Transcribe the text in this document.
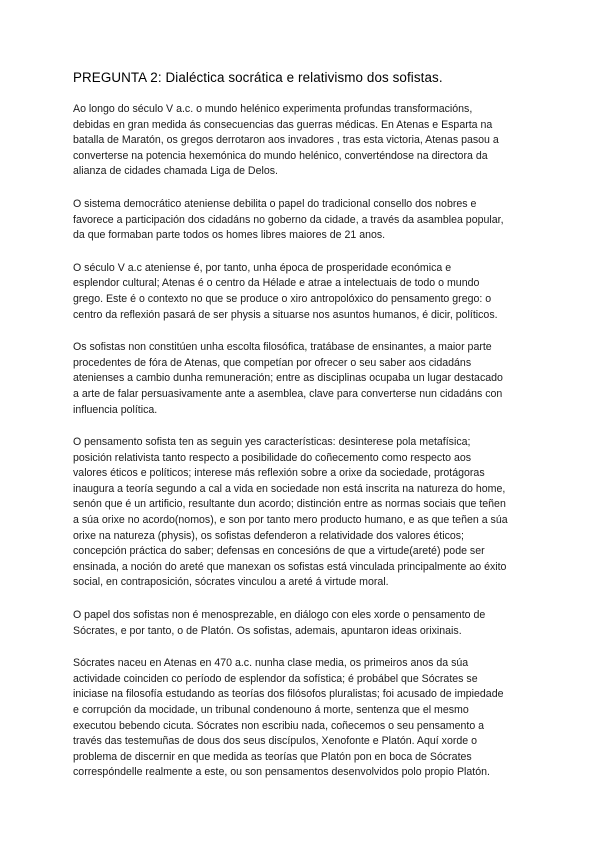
PREGUNTA 2: Dialéctica socrática e relativismo dos sofistas.

Ao longo do século V a.c. o mundo helénico experimenta profundas transformacións,
debidas en gran medida ás consecuencias das guerras médicas. En Atenas e Esparta na
batalla de Maratón, os gregos derrotaron aos invadores , tras esta victoria, Atenas pasou a
converterse na potencia hexemónica do mundo helénico, converténdose na directora da
alianza de cidades chamada Liga de Delos.

O sistema democrático ateniense debilita o papel do tradicional consello dos nobres e
favorece a participación dos cidadáns no goberno da cidade, a través da asamblea popular,
da que formaban parte todos os homes libres maiores de 21 anos.

O século V a.c ateniense é, por tanto, unha época de prosperidade económica e
esplendor cultural; Atenas é o centro da Hélade e atrae a intelectuais de todo o mundo
grego. Este é o contexto no que se produce o xiro antropolóxico do pensamento grego: o
centro da reflexión pasará de ser physis a situarse nos asuntos humanos, é dicir, políticos.

Os sofistas non constitúen unha escolta filosófica, tratábase de ensinantes, a maior parte
procedentes de fóra de Atenas, que competían por ofrecer o seu saber aos cidadáns
atenienses a cambio dunha remuneración; entre as disciplinas ocupaba un lugar destacado
a arte de falar persuasivamente ante a asemblea, clave para converterse nun cidadáns con
influencia política.

O pensamento sofista ten as seguin yes características: desinterese pola metafísica;
posición relativista tanto respecto a posibilidade do coñecemento como respecto aos
valores éticos e políticos; interese más reflexión sobre a orixe da sociedade, protágoras
inaugura a teoría segundo a cal a vida en sociedade non está inscrita na natureza do home,
senón que é un artificio, resultante dun acordo; distinción entre as normas sociais que teñen
a súa orixe no acordo(nomos), e son por tanto mero producto humano, e as que teñen a súa
orixe na natureza (physis), os sofistas defenderon a relatividade dos valores éticos;
concepción práctica do saber; defensas en concesións de que a virtude(areté) pode ser
ensinada, a noción do areté que manexan os sofistas está vinculada principalmente ao éxito
social, en contraposición, sócrates vinculou a areté á virtude moral.

O papel dos sofistas non é menosprezable, en diálogo con eles xorde o pensamento de
Sócrates, e por tanto, o de Platón. Os sofistas, ademais, apuntaron ideas orixinais.

Sócrates naceu en Atenas en 470 a.c. nunha clase media, os primeiros anos da súa
actividade coinciden co período de esplendor da sofística; é probábel que Sócrates se
iniciase na filosofía estudando as teorías dos filósofos pluralistas; foi acusado de impiedade
e corrupción da mocidade, un tribunal condenouno á morte, sentenza que el mesmo
executou bebendo cicuta. Sócrates non escribiu nada, coñecemos o seu pensamento a
través das testemuñas de dous dos seus discípulos, Xenofonte e Platón. Aquí xorde o
problema de discernir en que medida as teorías que Platón pon en boca de Sócrates
correspóndelle realmente a este, ou son pensamentos desenvolvidos polo propio Platón.
